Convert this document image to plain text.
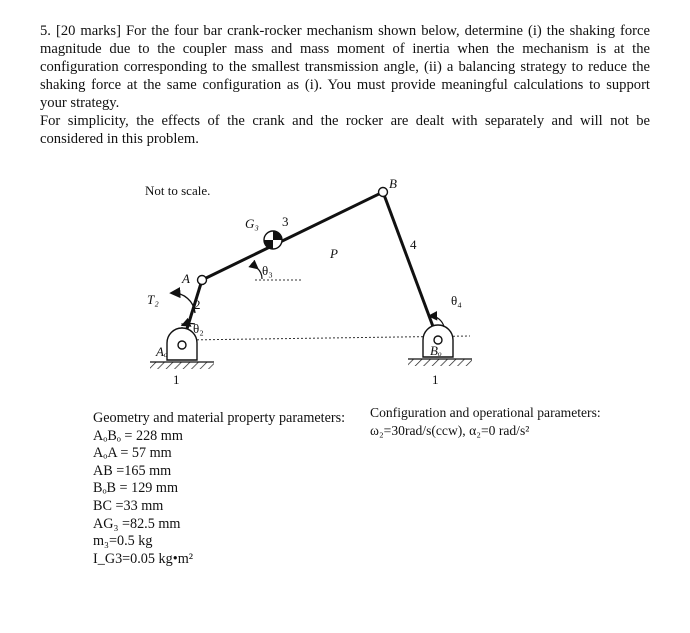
5. [20 marks] For the four bar crank-rocker mechanism shown below, determine (i) the shaking force magnitude due to the coupler mass and mass moment of inertia when the mechanism is at the configuration corresponding to the smallest transmission angle, (ii) a balancing strategy to reduce the shaking force at the same configuration as (i). You must provide meaningful calculations to support your strategy.

For simplicity, the effects of the crank and the rocker are dealt with separately and will not be considered in this problem.

Not to scale.
A
B
G₃ 3
θ₃
P
4
θ₄
T₂	2
θ₂
Aₒ	Bₒ
1	1
Geometry and material property parameters:
AₒBₒ = 228 mm
AₒA = 57 mm
AB =165 mm
BₒB = 129 mm
BC =33 mm
AG₃ =82.5 mm
m₃=0.5 kg
I_G3=0.05 kg•m²
Configuration and operational parameters:
ω₂=30rad/s(ccw), α₂=0 rad/s²
